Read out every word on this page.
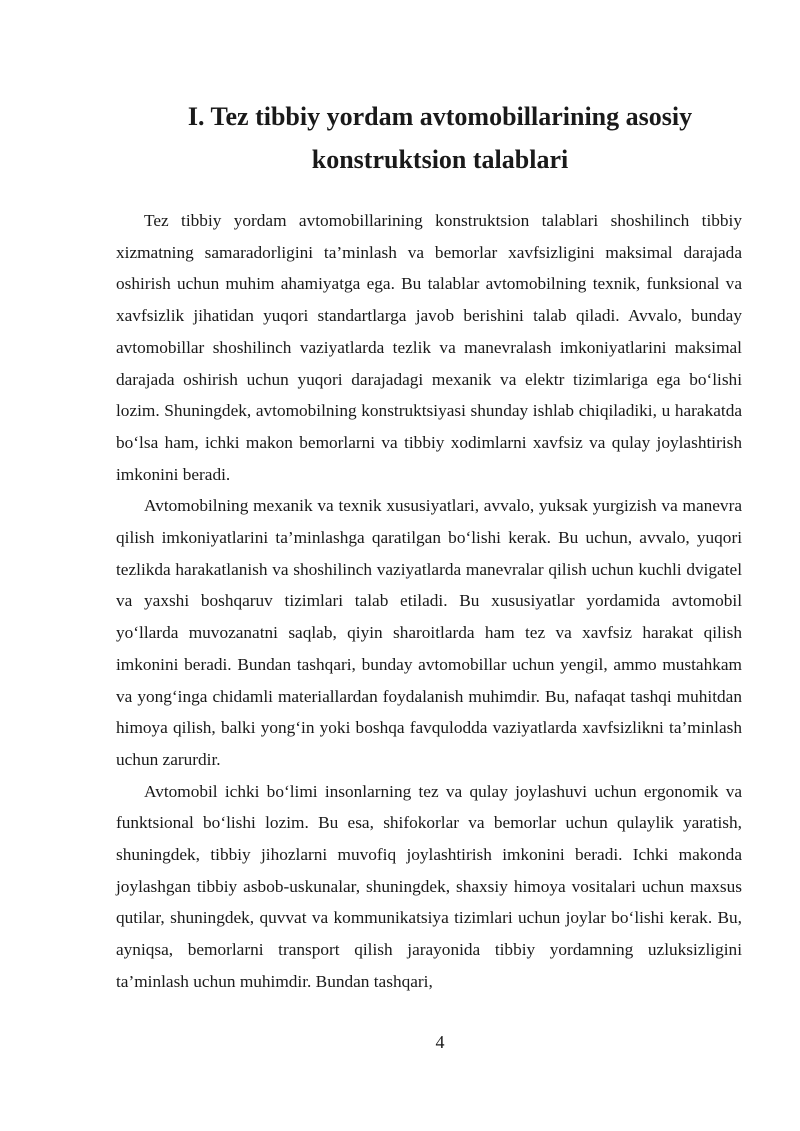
I. Tez tibbiy yordam avtomobillarining asosiy
konstruktsion talablari

Tez tibbiy yordam avtomobillarining konstruktsion talablari shoshilinch tibbiy xizmatning samaradorligini ta’minlash va bemorlar xavfsizligini maksimal darajada oshirish uchun muhim ahamiyatga ega. Bu talablar avtomobilning texnik, funksional va xavfsizlik jihatidan yuqori standartlarga javob berishini talab qiladi. Avvalo, bunday avtomobillar shoshilinch vaziyatlarda tezlik va manevralash imkoniyatlarini maksimal darajada oshirish uchun yuqori darajadagi mexanik va elektr tizimlariga ega bo‘lishi lozim. Shuningdek, avtomobilning konstruktsiyasi shunday ishlab chiqiladiki, u harakatda bo‘lsa ham, ichki makon bemorlarni va tibbiy xodimlarni xavfsiz va qulay joylashtirish imkonini beradi.

Avtomobilning mexanik va texnik xususiyatlari, avvalo, yuksak yurgizish va manevra qilish imkoniyatlarini ta’minlashga qaratilgan bo‘lishi kerak. Bu uchun, avvalo, yuqori tezlikda harakatlanish va shoshilinch vaziyatlarda manevralar qilish uchun kuchli dvigatel va yaxshi boshqaruv tizimlari talab etiladi. Bu xususiyatlar yordamida avtomobil yo‘llarda muvozanatni saqlab, qiyin sharoitlarda ham tez va xavfsiz harakat qilish imkonini beradi. Bundan tashqari, bunday avtomobillar uchun yengil, ammo mustahkam va yong‘inga chidamli materiallardan foydalanish muhimdir. Bu, nafaqat tashqi muhitdan himoya qilish, balki yong‘in yoki boshqa favqulodda vaziyatlarda xavfsizlikni ta’minlash uchun zarurdir.

Avtomobil ichki bo‘limi insonlarning tez va qulay joylashuvi uchun ergonomik va funktsional bo‘lishi lozim. Bu esa, shifokorlar va bemorlar uchun qulaylik yaratish, shuningdek, tibbiy jihozlarni muvofiq joylashtirish imkonini beradi. Ichki makonda joylashgan tibbiy asbob-uskunalar, shuningdek, shaxsiy himoya vositalari uchun maxsus qutilar, shuningdek, quvvat va kommunikatsiya tizimlari uchun joylar bo‘lishi kerak. Bu, ayniqsa, bemorlarni transport qilish jarayonida tibbiy yordamning uzluksizligini ta’minlash uchun muhimdir. Bundan tashqari,

4
